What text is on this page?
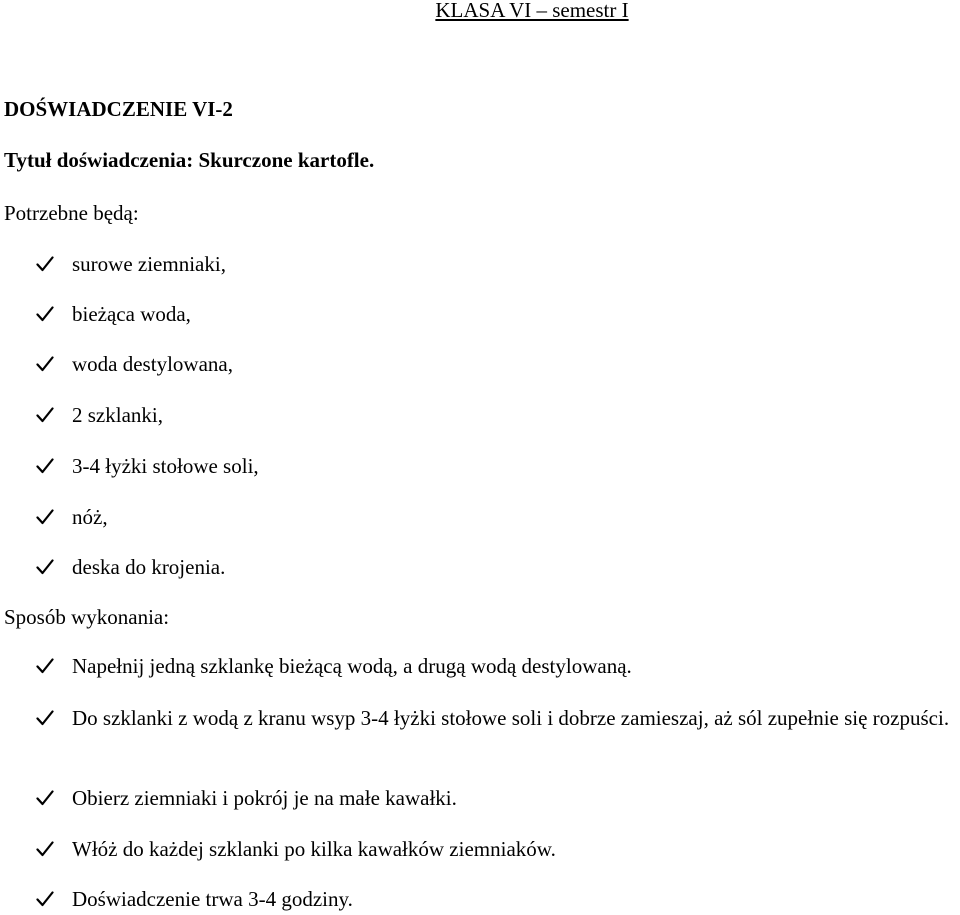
KLASA VI – semestr I
DOŚWIADCZENIE VI-2
Tytuł doświadczenia: Skurczone kartofle.
Potrzebne będą:
surowe ziemniaki,
bieżąca woda,
woda destylowana,
2 szklanki,
3-4 łyżki stołowe soli,
nóż,
deska do krojenia.
Sposób wykonania:
Napełnij jedną szklankę bieżącą wodą, a drugą wodą destylowaną.
Do szklanki z wodą z kranu wsyp 3-4 łyżki stołowe soli i dobrze zamieszaj, aż sól zupełnie się rozpuści.
Obierz ziemniaki i pokrój je na małe kawałki.
Włóż do każdej szklanki po kilka kawałków ziemniaków.
Doświadczenie trwa 3-4 godziny.
